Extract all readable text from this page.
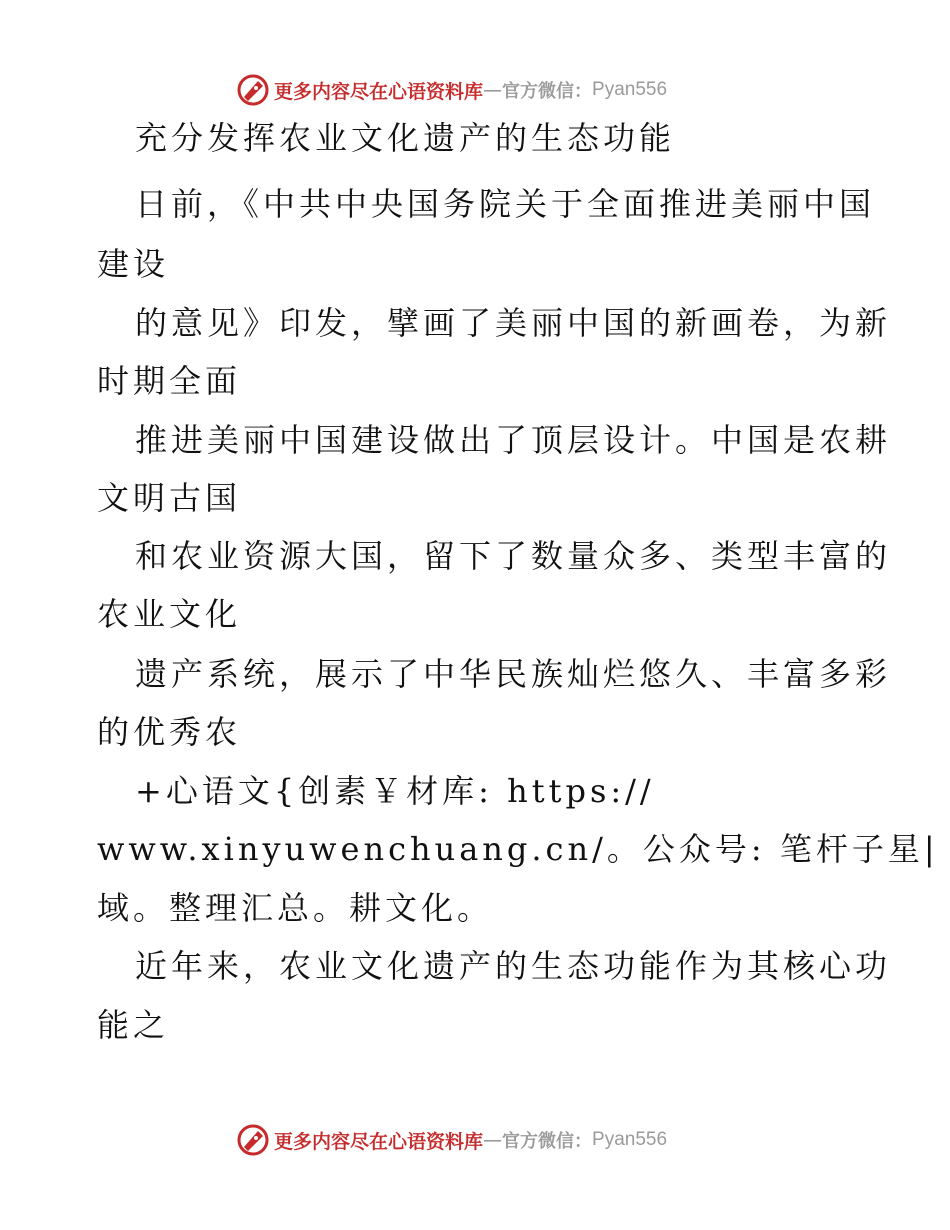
更多内容尽在心语资料库 — 官方微信： Pyan556
充分发挥农业文化遗产的生态功能
日前，《中共中央国务院关于全面推进美丽中国
建设
的意见》印发，擘画了美丽中国的新画卷，为新
时期全面
推进美丽中国建设做出了顶层设计。中国是农耕
文明古国
和农业资源大国，留下了数量众多、类型丰富的
农业文化
遗产系统，展示了中华民族灿烂悠久、丰富多彩
的优秀农
+心语文{创素￥材库: https://
www.xinyuwenchuang.cn/。公众号: 笔杆子星|
域。整理汇总。耕文化。
近年来，农业文化遗产的生态功能作为其核心功
能之
更多内容尽在心语资料库 — 官方微信： Pyan556
